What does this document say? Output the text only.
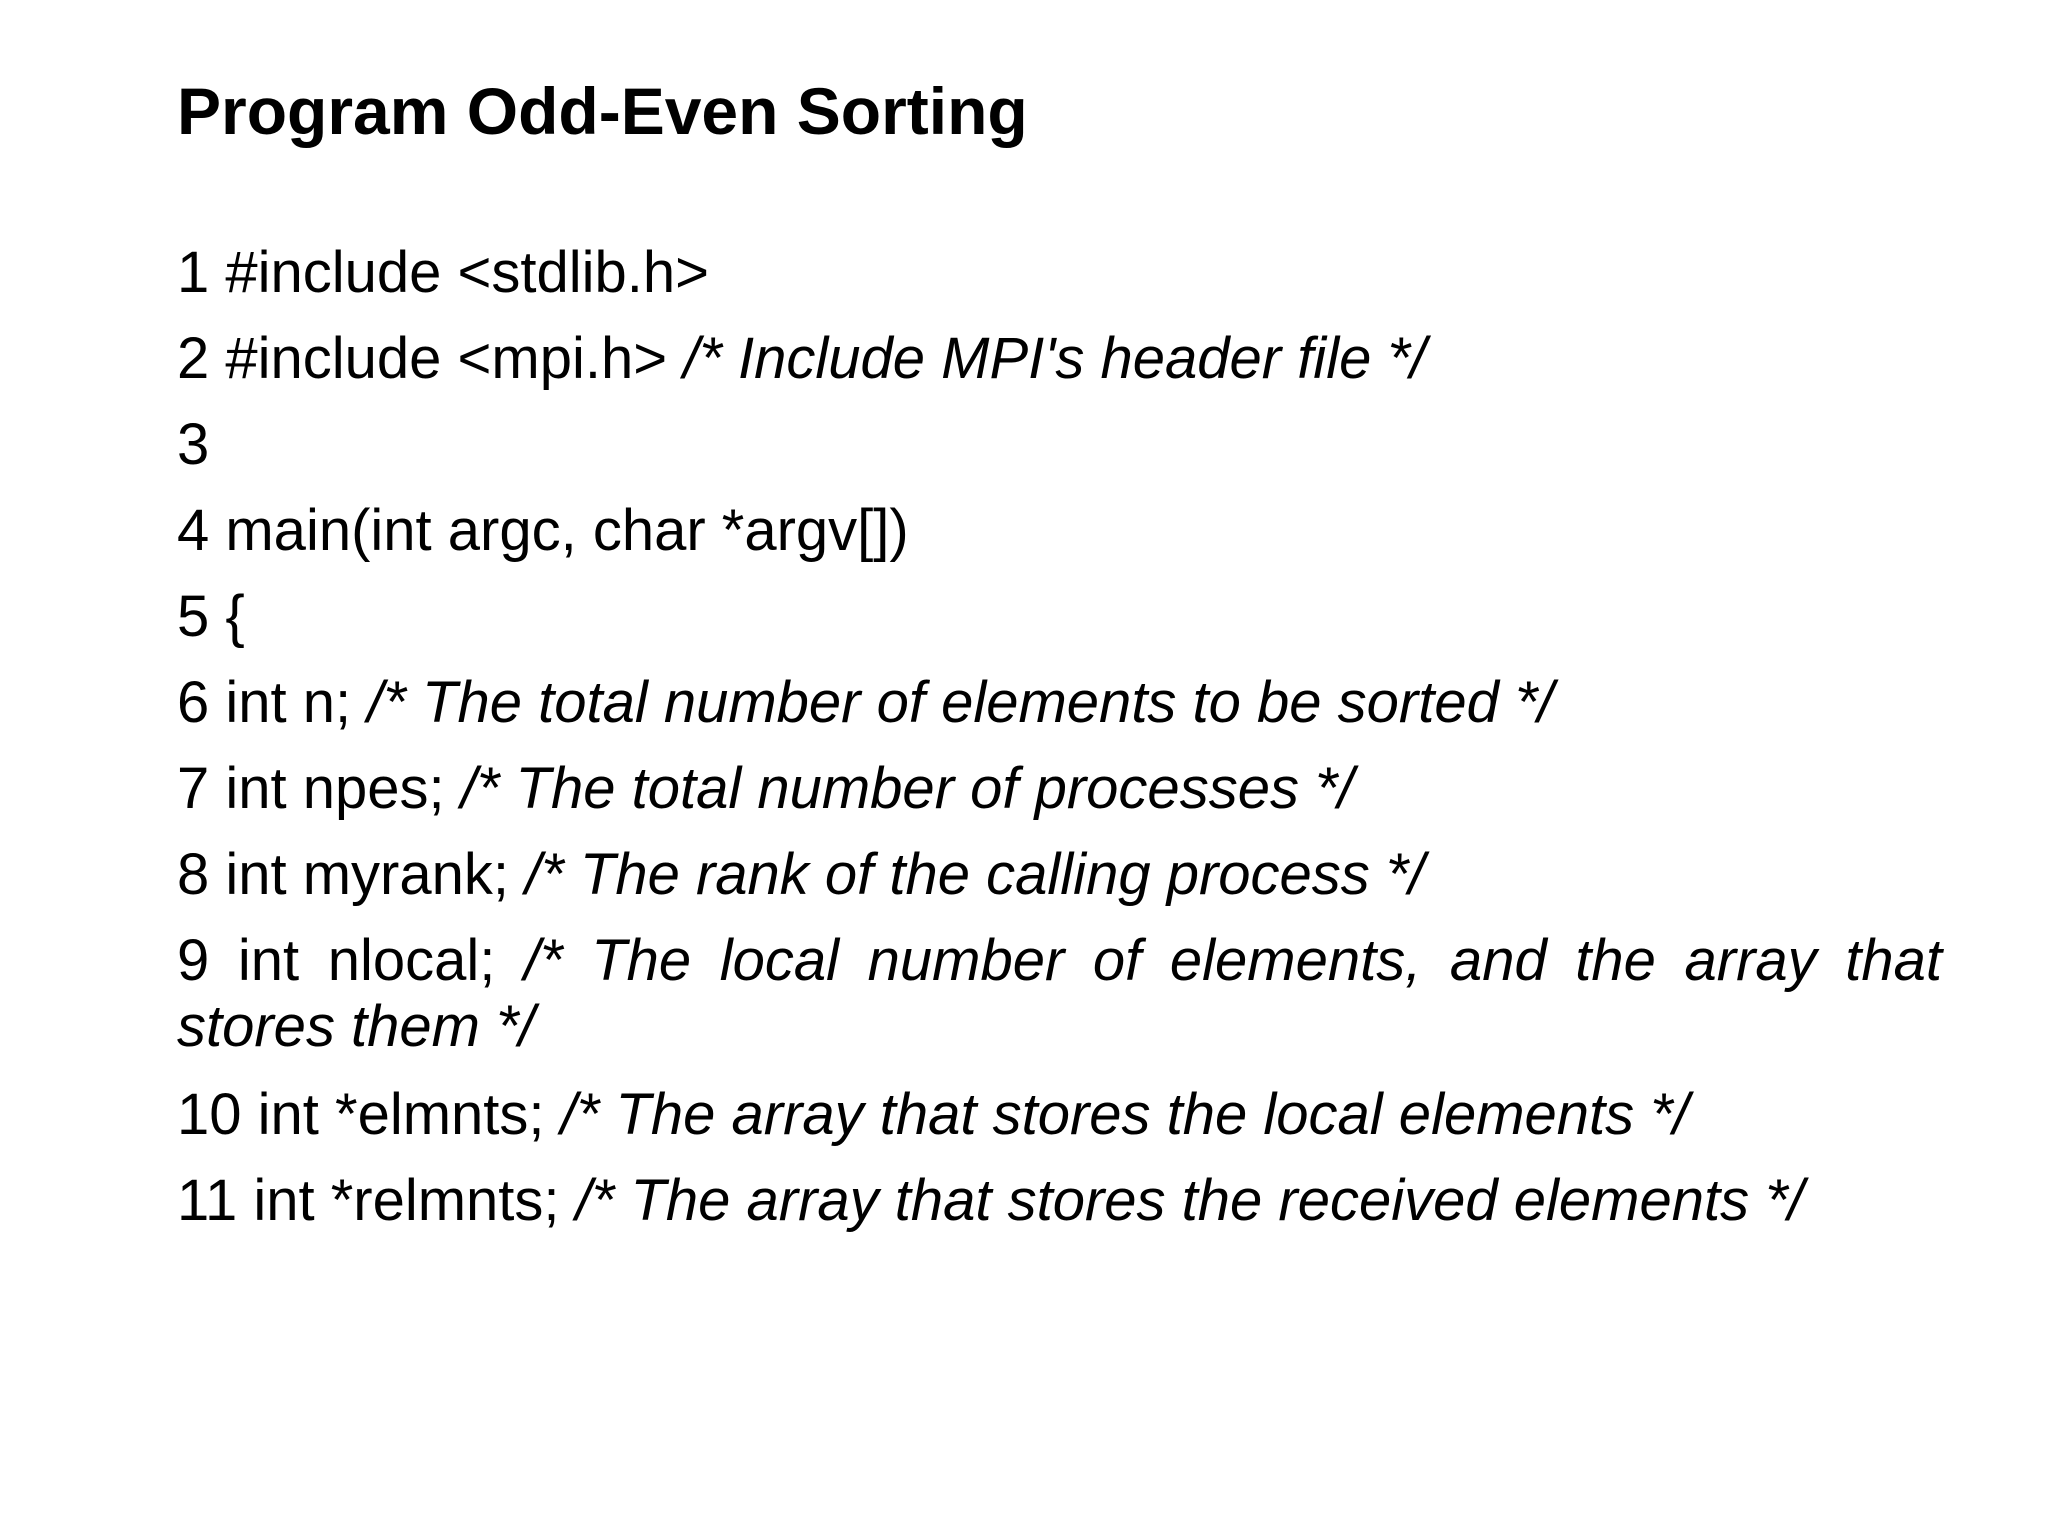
Program Odd-Even Sorting
1 #include <stdlib.h>
2 #include <mpi.h> /* Include MPI's header file */
3
4 main(int argc, char *argv[])
5 {
6 int n; /* The total number of elements to be sorted */
7 int npes; /* The total number of processes */
8 int myrank; /* The rank of the calling process */
9 int nlocal; /* The local number of elements, and the array that stores them */
10 int *elmnts; /* The array that stores the local elements */
11 int *relmnts; /* The array that stores the received elements */
